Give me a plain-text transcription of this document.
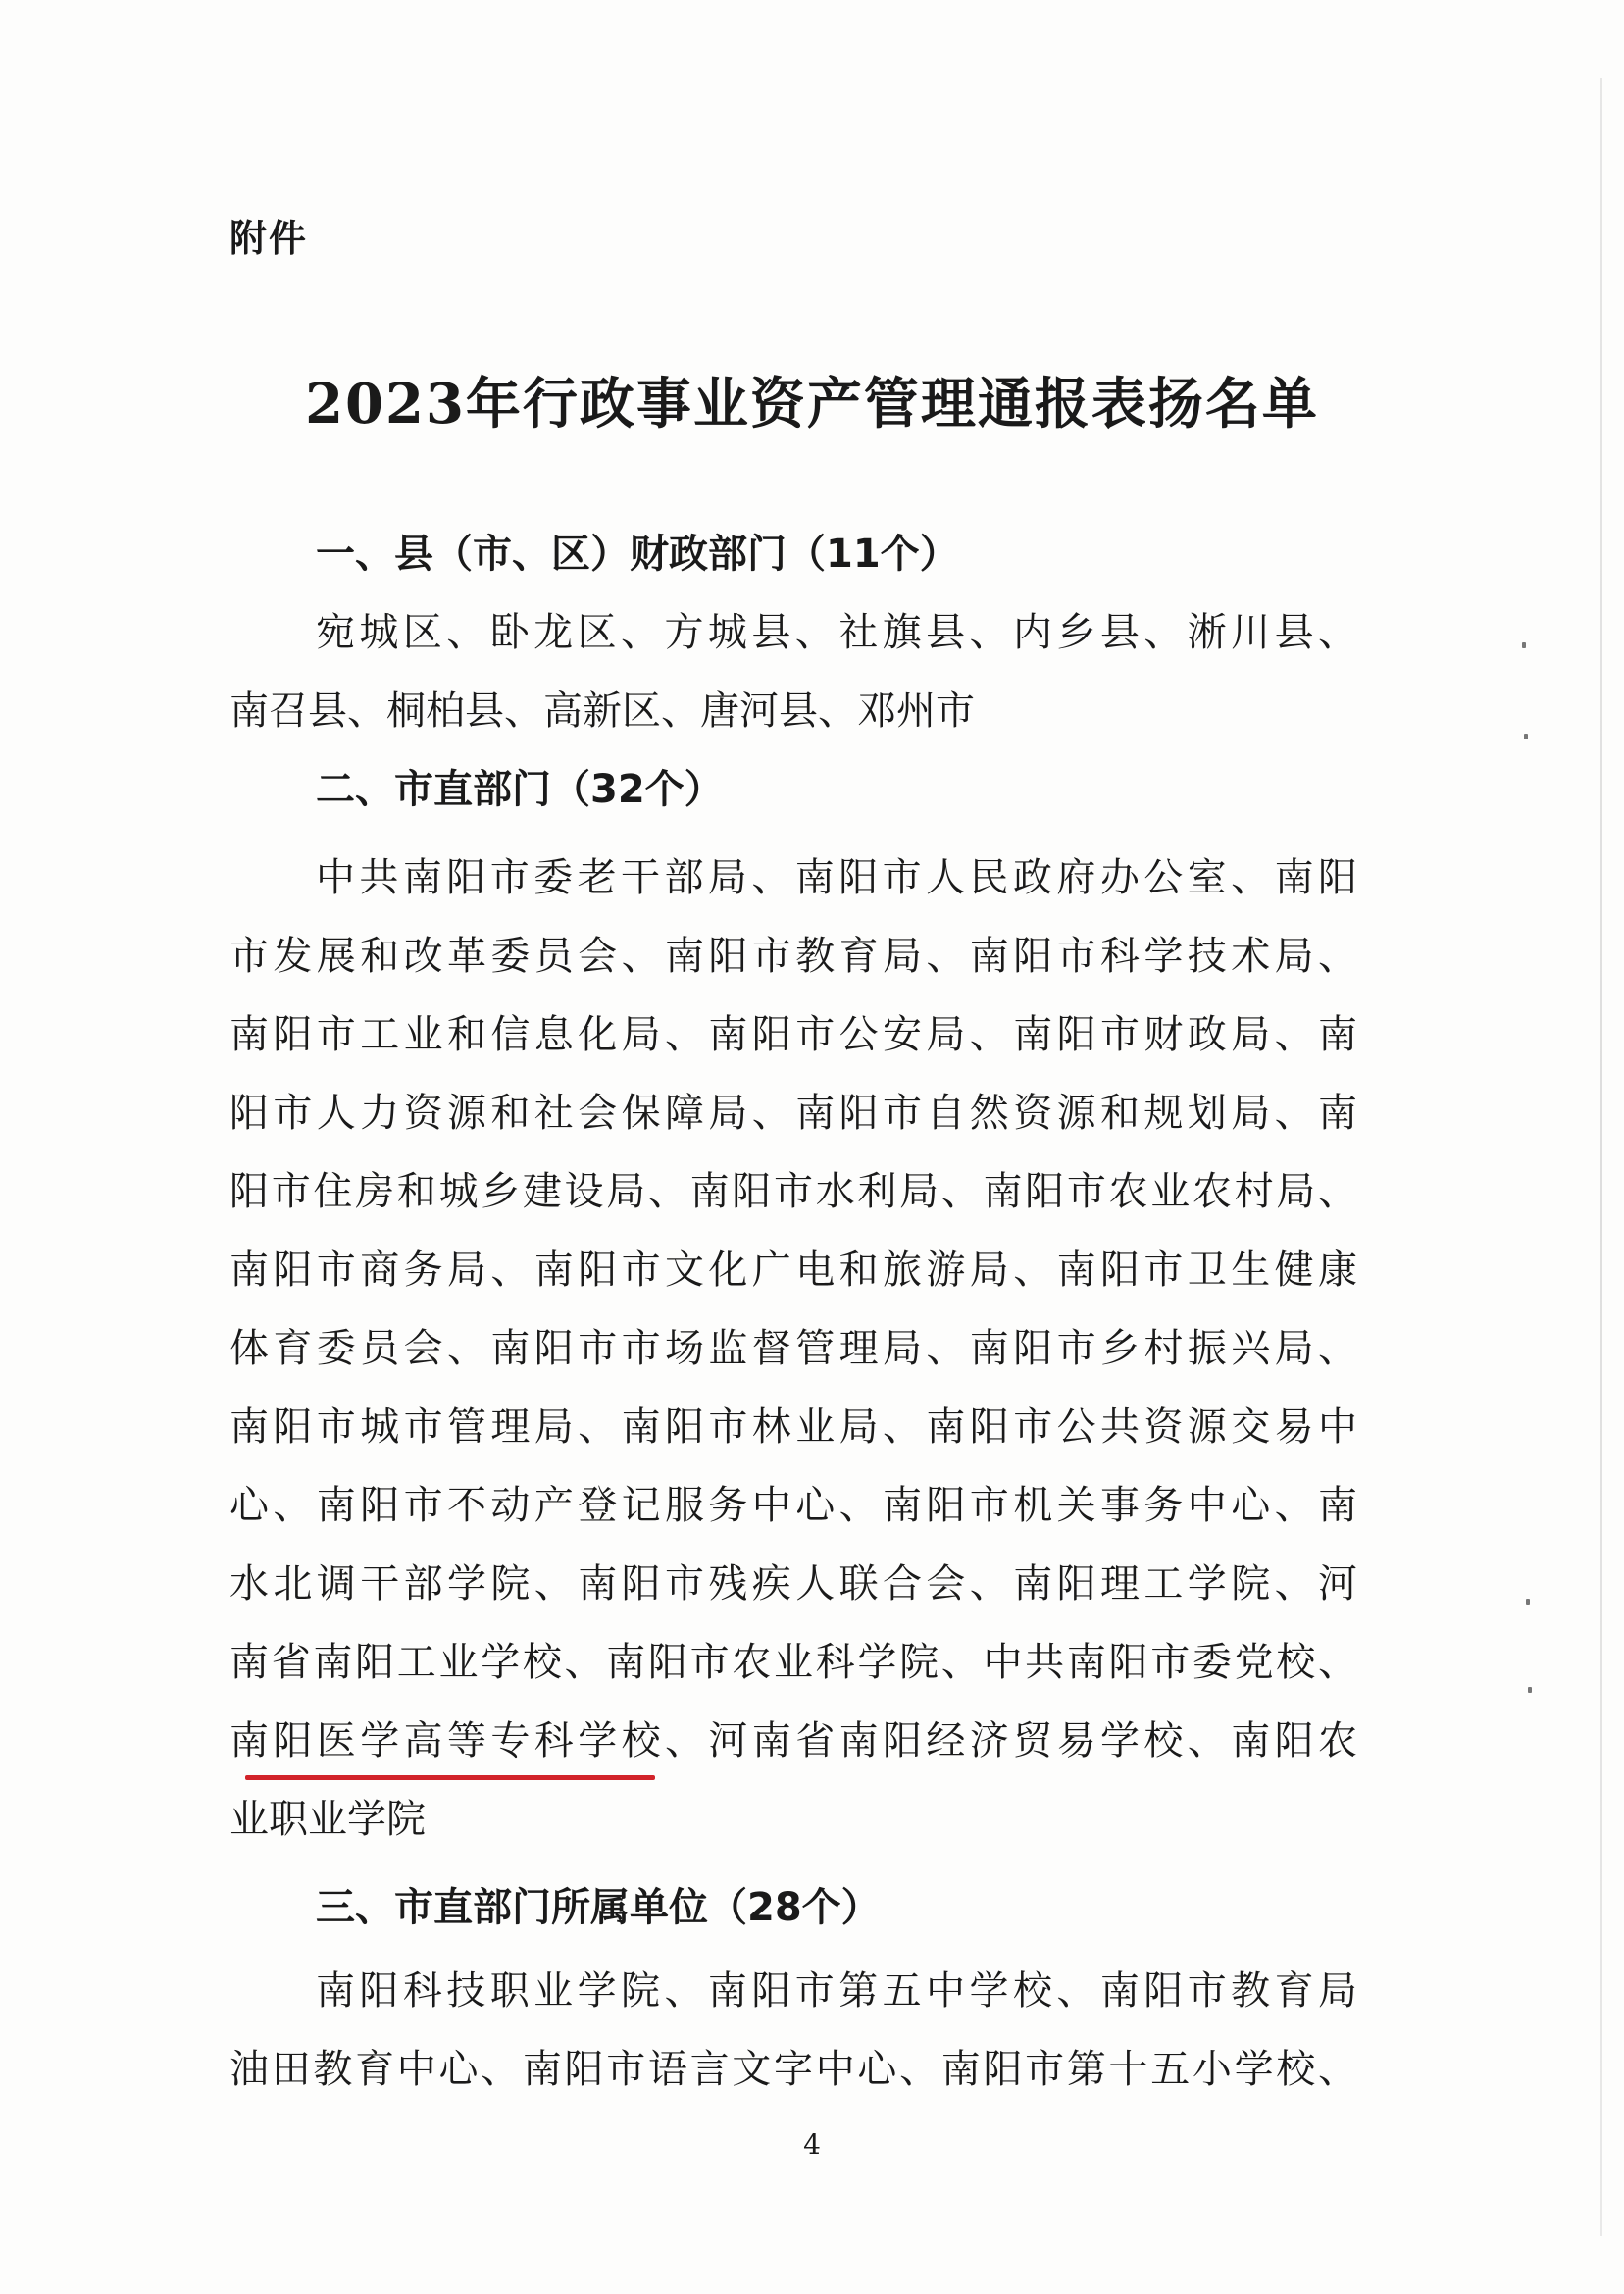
附件
2023年行政事业资产管理通报表扬名单
一、县（市、区）财政部门（11个）
宛城区、卧龙区、方城县、社旗县、内乡县、淅川县、
南召县、桐柏县、高新区、唐河县、邓州市
二、市直部门（32个）
中共南阳市委老干部局、南阳市人民政府办公室、南阳
市发展和改革委员会、南阳市教育局、南阳市科学技术局、
南阳市工业和信息化局、南阳市公安局、南阳市财政局、南
阳市人力资源和社会保障局、南阳市自然资源和规划局、南
阳市住房和城乡建设局、南阳市水利局、南阳市农业农村局、
南阳市商务局、南阳市文化广电和旅游局、南阳市卫生健康
体育委员会、南阳市市场监督管理局、南阳市乡村振兴局、
南阳市城市管理局、南阳市林业局、南阳市公共资源交易中
心、南阳市不动产登记服务中心、南阳市机关事务中心、南
水北调干部学院、南阳市残疾人联合会、南阳理工学院、河
南省南阳工业学校、南阳市农业科学院、中共南阳市委党校、
南阳医学高等专科学校、河南省南阳经济贸易学校、南阳农
业职业学院
三、市直部门所属单位（28个）
南阳科技职业学院、南阳市第五中学校、南阳市教育局
油田教育中心、南阳市语言文字中心、南阳市第十五小学校、
4
